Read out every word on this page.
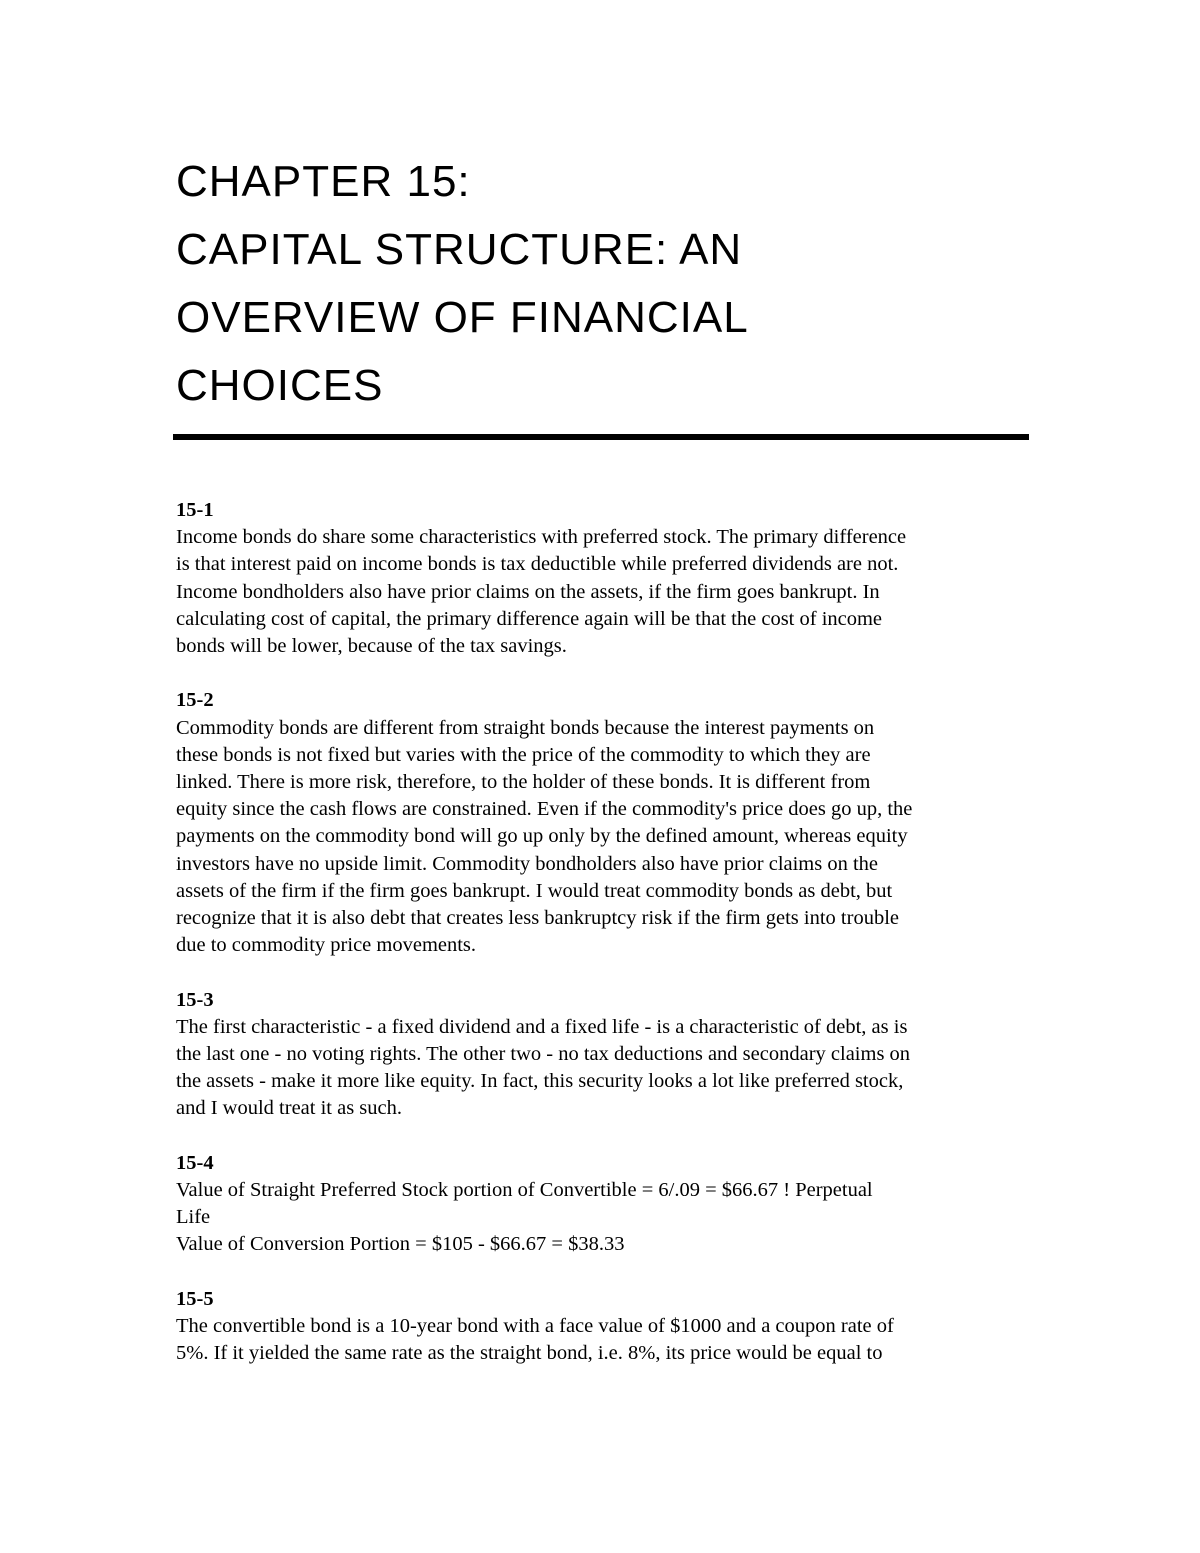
CHAPTER 15:
CAPITAL STRUCTURE: AN
OVERVIEW OF FINANCIAL
CHOICES
15-1
Income bonds do share some characteristics with preferred stock. The primary difference
is that interest paid on income bonds is tax deductible while preferred dividends are not.
Income bondholders also have prior claims on the assets, if the firm goes bankrupt. In
calculating cost of capital, the primary difference again will be that the cost of income
bonds will be lower, because of the tax savings.
15-2
Commodity bonds are different from straight bonds because the interest payments on
these bonds is not fixed but varies with the price of the commodity to which they are
linked. There is more risk, therefore, to the holder of these bonds. It is different from
equity since the cash flows are constrained. Even if the commodity's price does go up, the
payments on the commodity bond will go up only by the defined amount, whereas equity
investors have no upside limit. Commodity bondholders also have prior claims on the
assets of the firm if the firm goes bankrupt. I would treat commodity bonds as debt, but
recognize that it is also debt that creates less bankruptcy risk if the firm gets into trouble
due to commodity price movements.
15-3
The first characteristic - a fixed dividend and a fixed life - is a characteristic of debt, as is
the last one - no voting rights. The other two - no tax deductions and secondary claims on
the assets - make it more like equity. In fact, this security looks a lot like preferred stock,
and I would treat it as such.
15-4
Value of Straight Preferred Stock portion of Convertible = 6/.09 = $66.67 ! Perpetual
Life
Value of Conversion Portion = $105 - $66.67 = $38.33
15-5
The convertible bond is a 10-year bond with a face value of $1000 and a coupon rate of
5%. If it yielded the same rate as the straight bond, i.e. 8%, its price would be equal to
